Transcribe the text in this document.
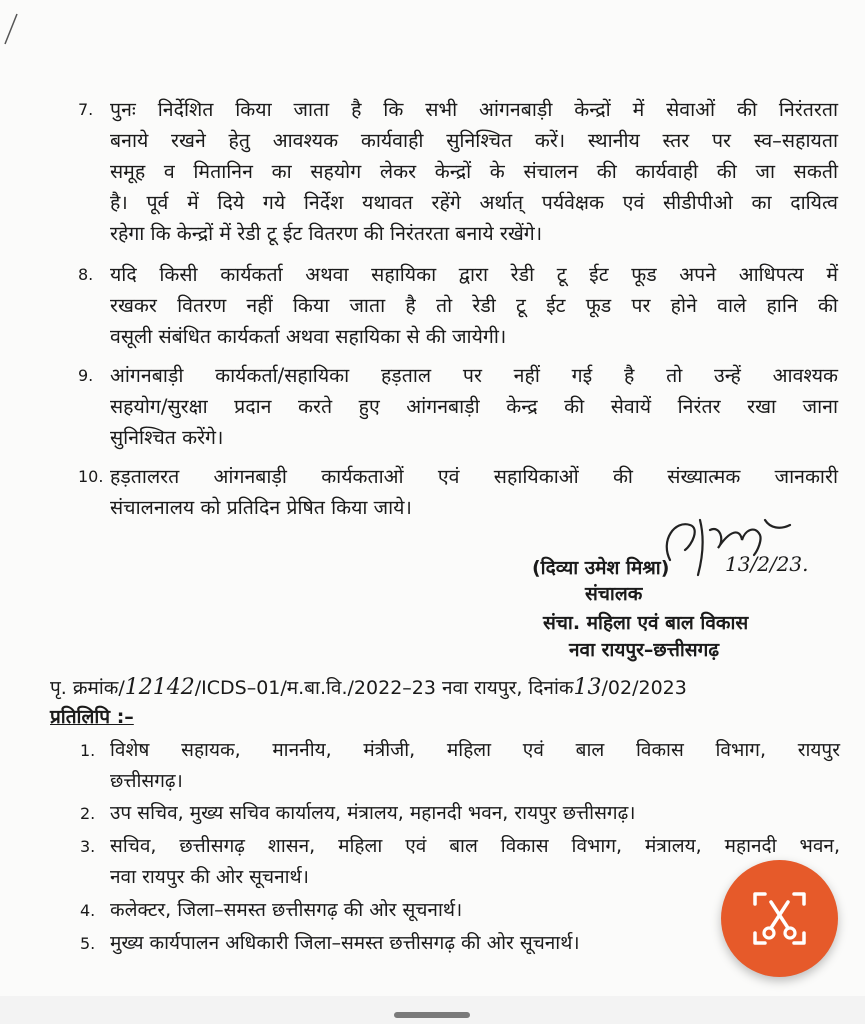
7. पुनः निर्देशित किया जाता है कि सभी आंगनबाड़ी केन्द्रों में सेवाओं की निरंतरता
बनाये रखने हेतु आवश्यक कार्यवाही सुनिश्चित करें। स्थानीय स्तर पर स्व–सहायता
समूह व मितानिन का सहयोग लेकर केन्द्रों के संचालन की कार्यवाही की जा सकती
है। पूर्व में दिये गये निर्देश यथावत रहेंगे अर्थात् पर्यवेक्षक एवं सीडीपीओ का दायित्व
रहेगा कि केन्द्रों में रेडी टू ईट वितरण की निरंतरता बनाये रखेंगे।
8. यदि किसी कार्यकर्ता अथवा सहायिका द्वारा रेडी टू ईट फूड अपने आधिपत्य में
रखकर वितरण नहीं किया जाता है तो रेडी टू ईट फूड पर होने वाले हानि की
वसूली संबंधित कार्यकर्ता अथवा सहायिका से की जायेगी।
9. आंगनबाड़ी कार्यकर्ता/सहायिका हड़ताल पर नहीं गई है तो उन्हें आवश्यक
सहयोग/सुरक्षा प्रदान करते हुए आंगनबाड़ी केन्द्र की सेवायें निरंतर रखा जाना
सुनिश्चित करेंगे।
10. हड़तालरत आंगनबाड़ी कार्यकताओं एवं सहायिकाओं की संख्यात्मक जानकारी
संचालनालय को प्रतिदिन प्रेषित किया जाये।
(दिव्या उमेश मिश्रा)	13/2/23.
संचालक
संचा. महिला एवं बाल विकास
नवा रायपुर–छत्तीसगढ़
पृ. क्रमांक/12142/ICDS–01/म.बा.वि./2022–23 नवा रायपुर, दिनांक13/02/2023
प्रतिलिपि :–
1. विशेष सहायक, माननीय, मंत्रीजी, महिला एवं बाल विकास विभाग, रायपुर
छत्तीसगढ़।
2. उप सचिव, मुख्य सचिव कार्यालय, मंत्रालय, महानदी भवन, रायपुर छत्तीसगढ़।
3. सचिव, छत्तीसगढ़ शासन, महिला एवं बाल विकास विभाग, मंत्रालय, महानदी भवन,
नवा रायपुर की ओर सूचनार्थ।
4. कलेक्टर, जिला–समस्त छत्तीसगढ़ की ओर सूचनार्थ।
5. मुख्य कार्यपालन अधिकारी जिला–समस्त छत्तीसगढ़ की ओर सूचनार्थ।
